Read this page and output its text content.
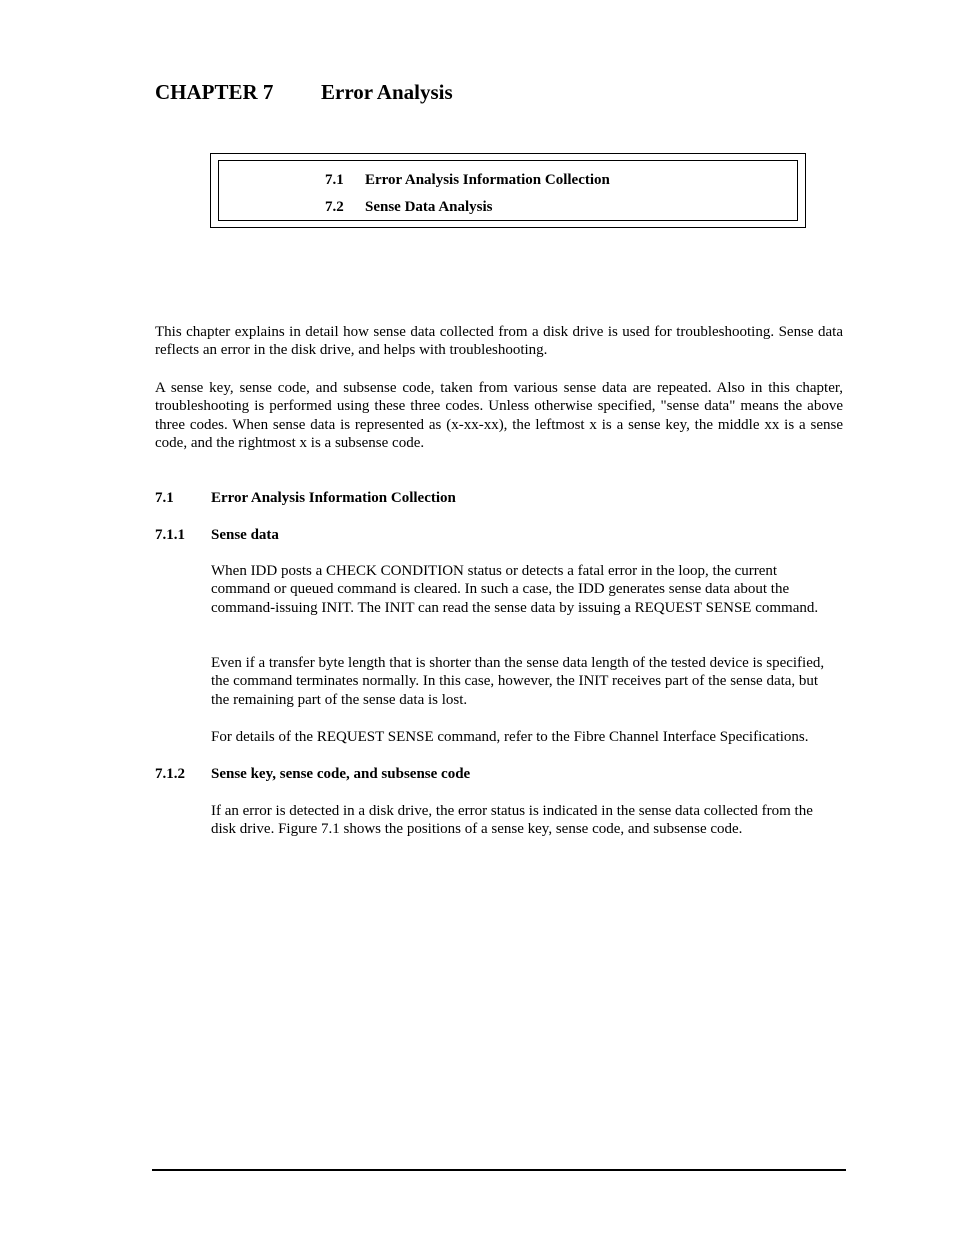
CHAPTER 7 Error Analysis
7.1 Error Analysis Information Collection
7.2 Sense Data Analysis

This chapter explains in detail how sense data collected from a disk drive is used for troubleshooting. Sense data reflects an error in the disk drive, and helps with troubleshooting.

A sense key, sense code, and subsense code, taken from various sense data are repeated. Also in this chapter, troubleshooting is performed using these three codes. Unless otherwise specified, "sense data" means the above three codes. When sense data is represented as (x-xx-xx), the leftmost x is a sense key, the middle xx is a sense code, and the rightmost x is a subsense code.

7.1 Error Analysis Information Collection
7.1.1 Sense data

When IDD posts a CHECK CONDITION status or detects a fatal error in the loop, the current command or queued command is cleared. In such a case, the IDD generates sense data about the command-issuing INIT. The INIT can read the sense data by issuing a REQUEST SENSE command.

Even if a transfer byte length that is shorter than the sense data length of the tested device is specified, the command terminates normally. In this case, however, the INIT receives part of the sense data, but the remaining part of the sense data is lost.

For details of the REQUEST SENSE command, refer to the Fibre Channel Interface Specifications.

7.1.2 Sense key, sense code, and subsense code

If an error is detected in a disk drive, the error status is indicated in the sense data collected from the disk drive. Figure 7.1 shows the positions of a sense key, sense code, and subsense code.
